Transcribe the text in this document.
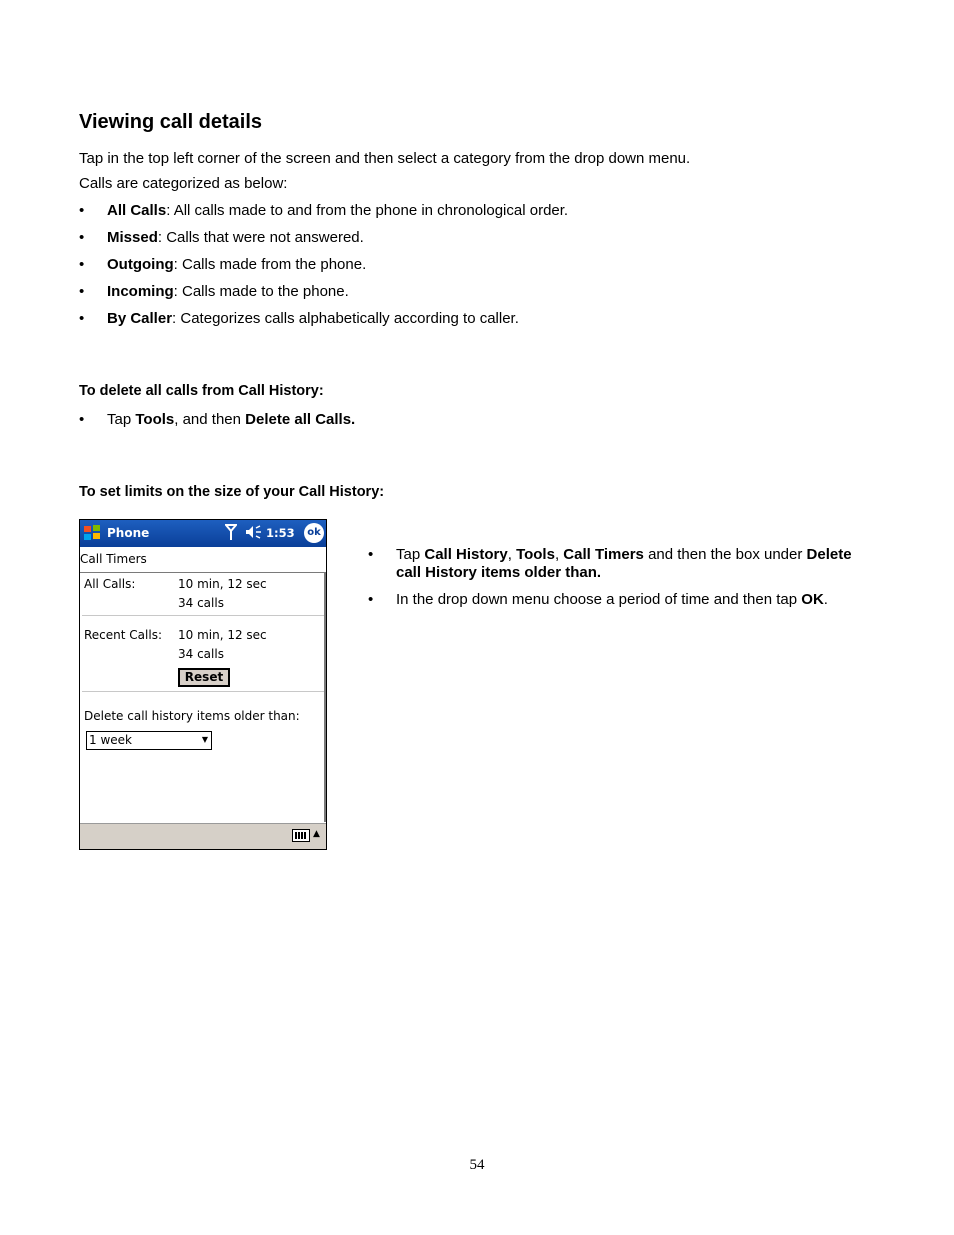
Viewing call details

Tap in the top left corner of the screen and then select a category from the drop down menu.

Calls are categorized as below:

• All Calls: All calls made to and from the phone in chronological order.
• Missed: Calls that were not answered.
• Outgoing: Calls made from the phone.
• Incoming: Calls made to the phone.
• By Caller: Categorizes calls alphabetically according to caller.

To delete all calls from Call History:

• Tap Tools, and then Delete all Calls.

To set limits on the size of your Call History:

Phone	1:53	ok
Call Timers
All Calls:	10 min, 12 sec
34 calls
Recent Calls: 10 min, 12 sec
34 calls
Reset
Delete call history items older than:
1 week	▼
▲
• Tap Call History, Tools, Call Timers and then the box under Delete call History items older than.
• In the drop down menu choose a period of time and then tap OK.
54
